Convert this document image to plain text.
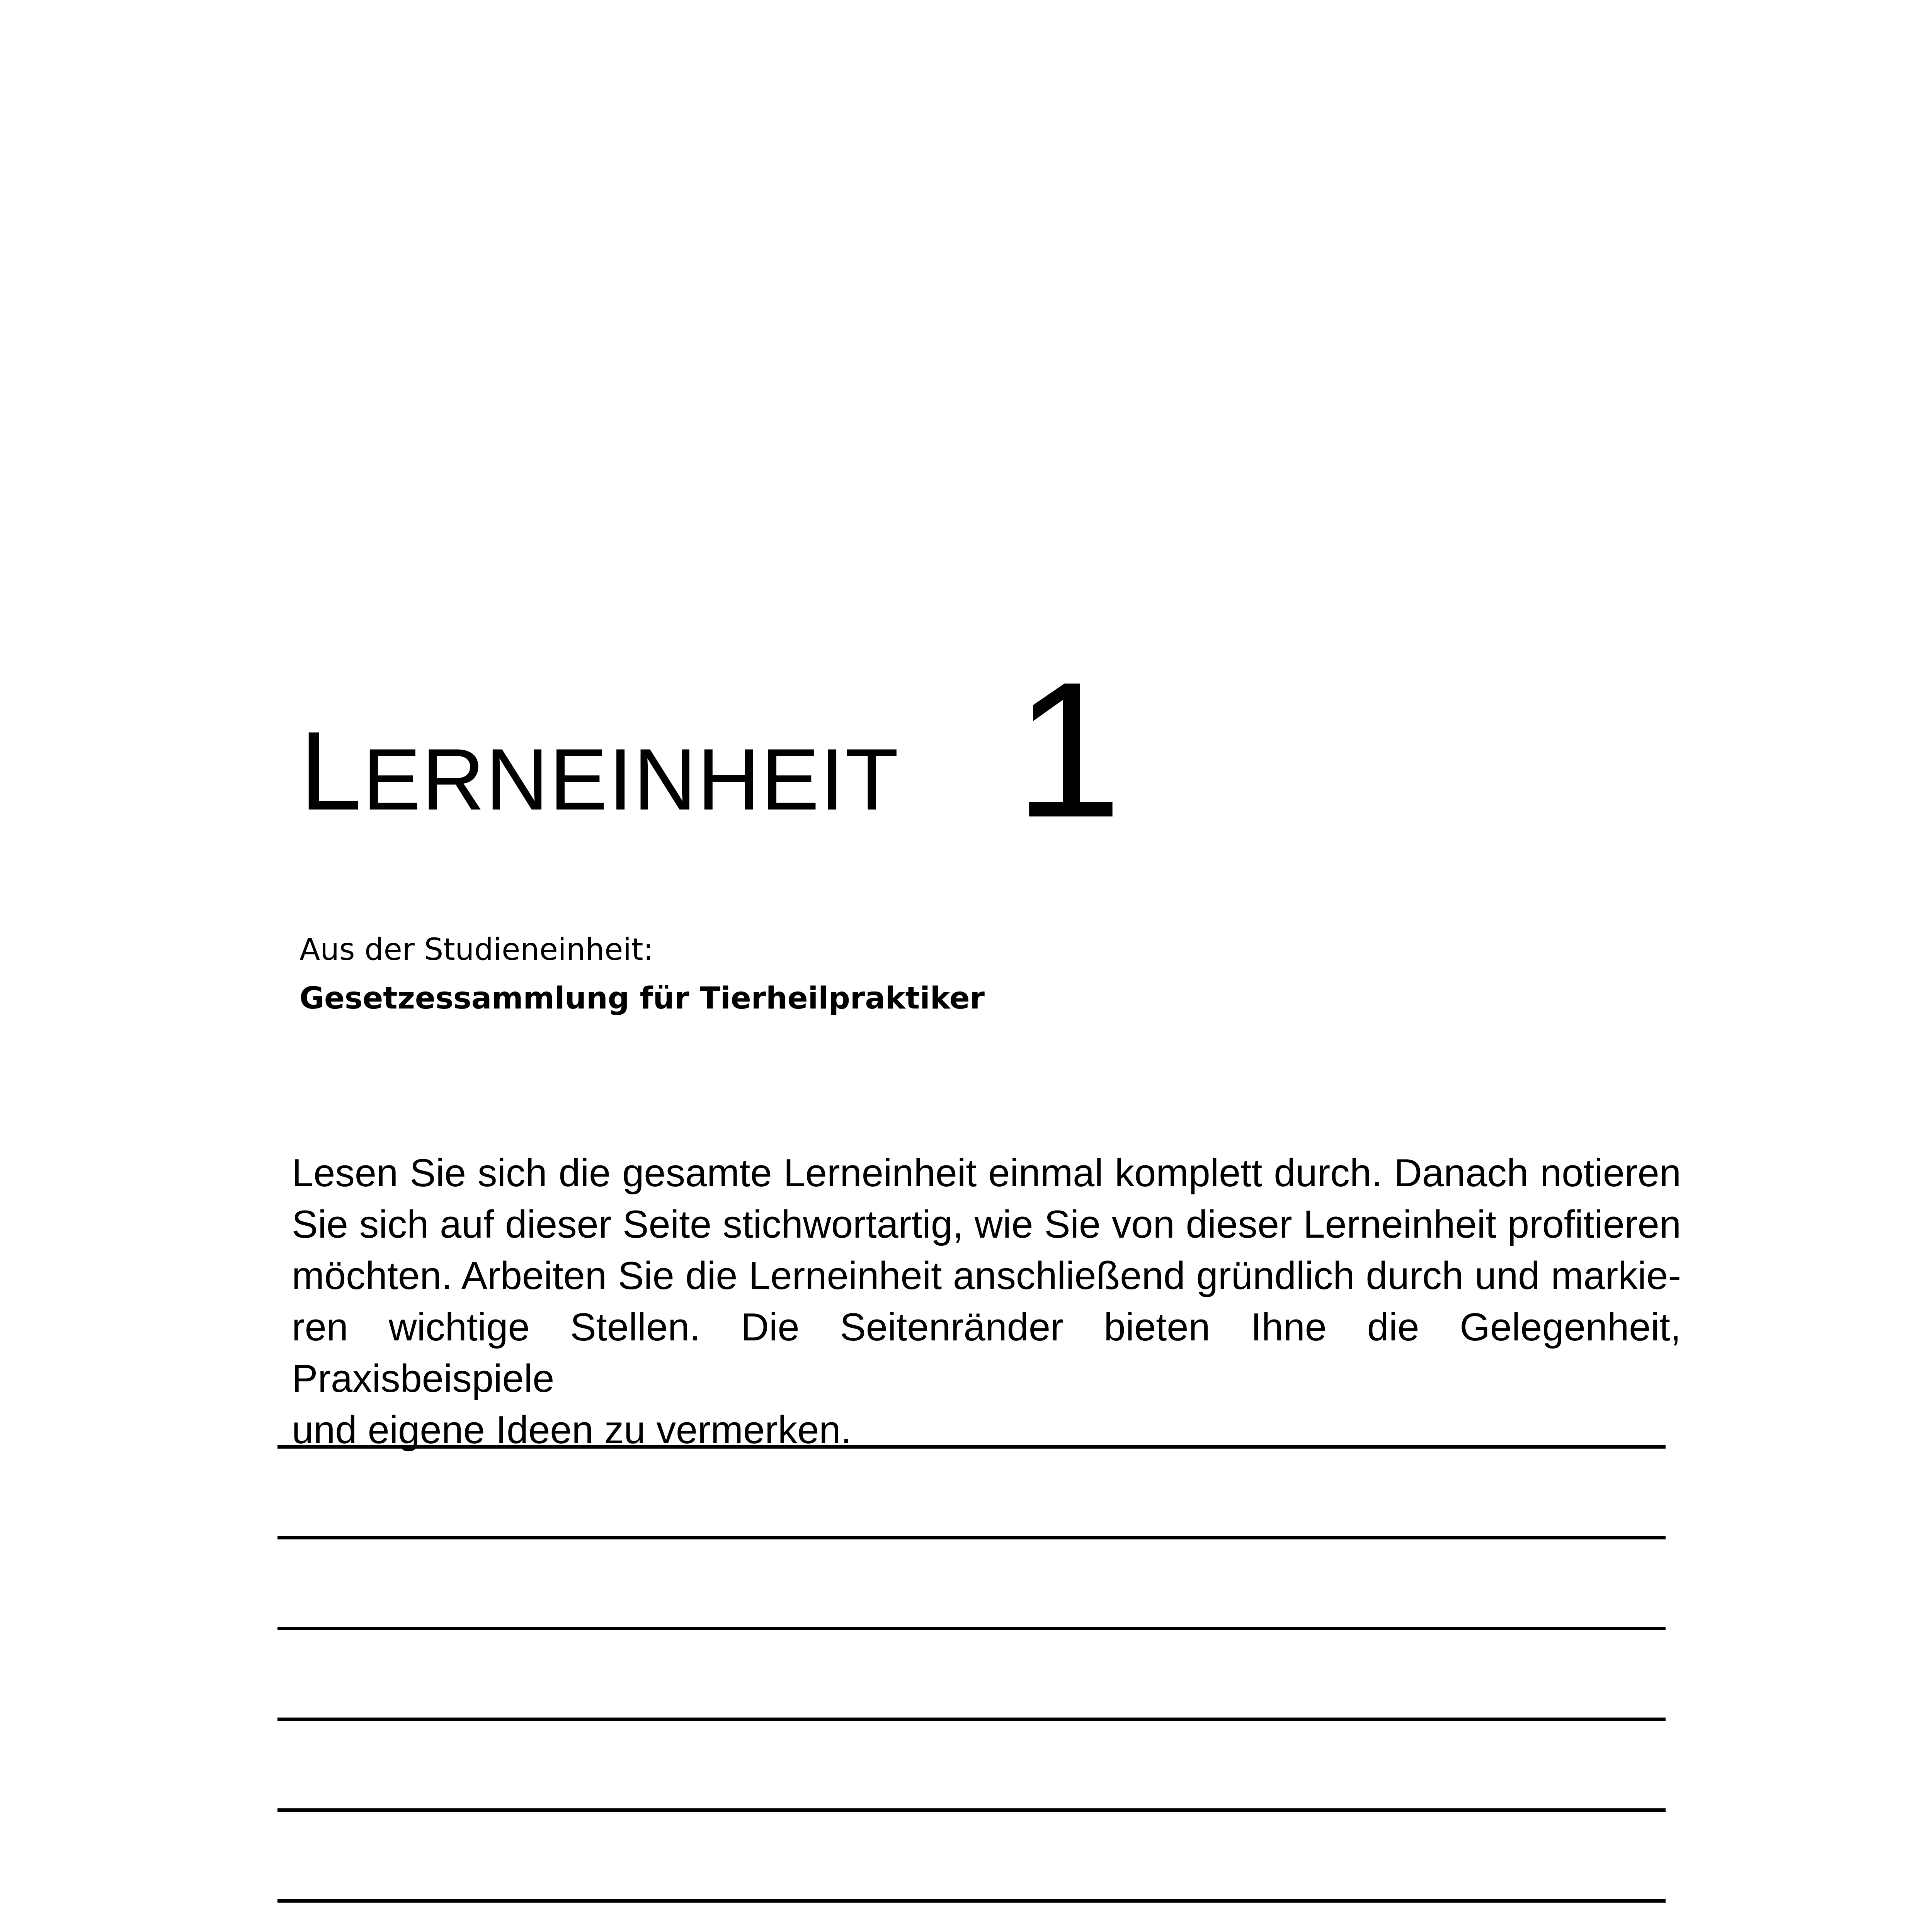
LERNEINHEIT 1
Aus der Studieneinheit:
Gesetzessammlung für Tierheilpraktiker

Lesen Sie sich die gesamte Lerneinheit einmal komplett durch. Danach notieren
Sie sich auf dieser Seite stichwortartig, wie Sie von dieser Lerneinheit profitieren
möchten. Arbeiten Sie die Lerneinheit anschließend gründlich durch und markie-
ren wichtige Stellen. Die Seitenränder bieten Ihne die Gelegenheit, Praxisbeispiele
und eigene Ideen zu vermerken.
